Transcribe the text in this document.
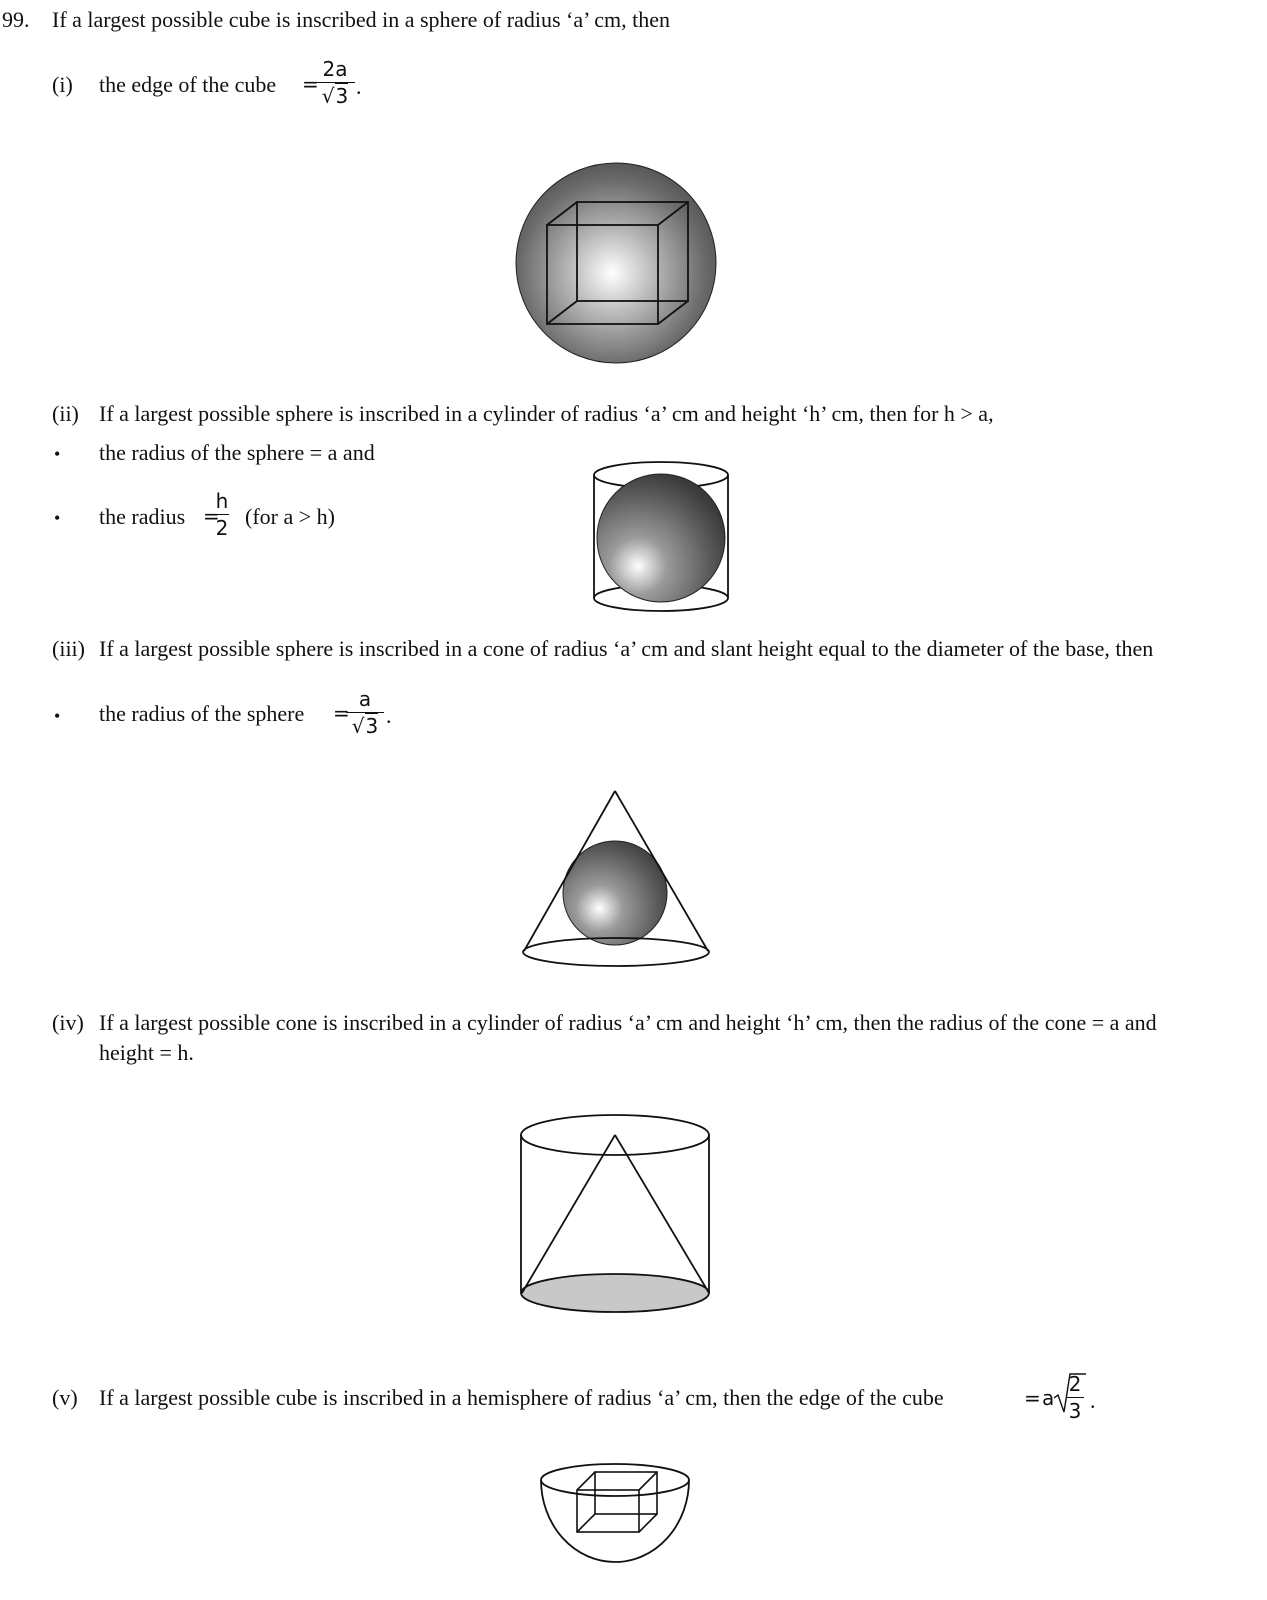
99. If a largest possible cube is inscribed in a sphere of radius ‘a’ cm, then
(i) the edge of the cube =
2a
√3 .
(ii) If a largest possible sphere is inscribed in a cylinder of radius ‘a’ cm and height ‘h’ cm, then for h > a,
• the radius of the sphere = a and
• the radius =
h
2 (for a > h)
(iii) If a largest possible sphere is inscribed in a cone of radius ‘a’ cm and slant height equal to the diameter of the base, then
• the radius of the sphere =
a
√3 .
(iv) If a largest possible cone is inscribed in a cylinder of radius ‘a’ cm and height ‘h’ cm, then the radius of the cone = a and
height = h.
(v) If a largest possible cube is inscribed in a hemisphere of radius ‘a’ cm, then the edge of the cube	= a
2
3 .
